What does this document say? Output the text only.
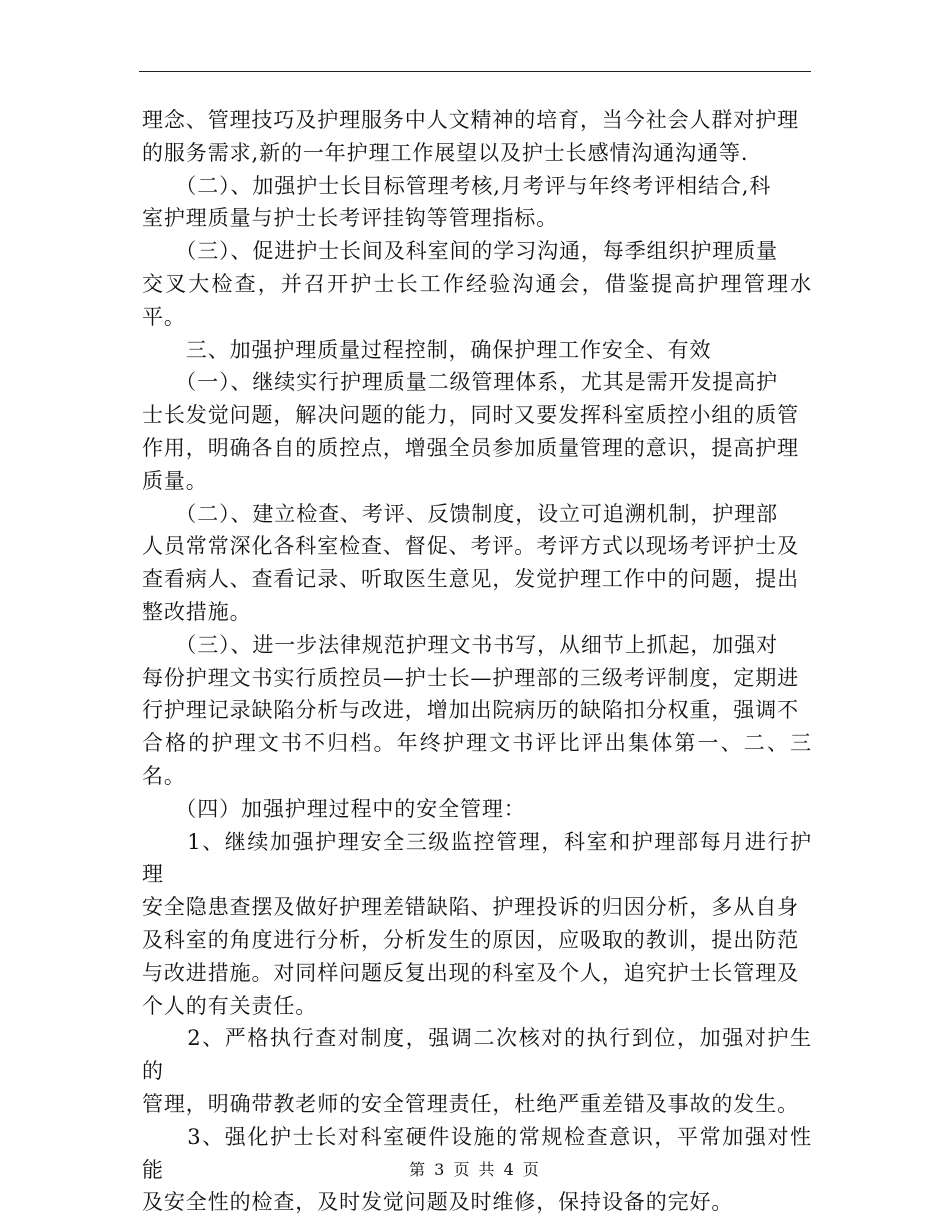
理念、管理技巧及护理服务中人文精神的培育，当今社会人群对护理
的服务需求,新的一年护理工作展望以及护士长感情沟通沟通等.

　　（二）、加强护士长目标管理考核,月考评与年终考评相结合,科
室护理质量与护士长考评挂钩等管理指标。

　　（三）、促进护士长间及科室间的学习沟通，每季组织护理质量
交叉大检查，并召开护士长工作经验沟通会，借鉴提高护理管理水平。

　　三、加强护理质量过程控制，确保护理工作安全、有效

　　（一）、继续实行护理质量二级管理体系，尤其是需开发提高护
士长发觉问题，解决问题的能力，同时又要发挥科室质控小组的质管
作用，明确各自的质控点，增强全员参加质量管理的意识，提高护理
质量。

　　（二）、建立检查、考评、反馈制度，设立可追溯机制，护理部
人员常常深化各科室检查、督促、考评。考评方式以现场考评护士及
查看病人、查看记录、听取医生意见，发觉护理工作中的问题，提出
整改措施。

　　（三）、进一步法律规范护理文书书写，从细节上抓起，加强对
每份护理文书实行质控员—护士长—护理部的三级考评制度，定期进
行护理记录缺陷分析与改进，增加出院病历的缺陷扣分权重，强调不
合格的护理文书不归档。年终护理文书评比评出集体第一、二、三名。

　　（四）加强护理过程中的安全管理：

　　1、继续加强护理安全三级监控管理，科室和护理部每月进行护理
安全隐患查摆及做好护理差错缺陷、护理投诉的归因分析，多从自身
及科室的角度进行分析，分析发生的原因，应吸取的教训，提出防范
与改进措施。对同样问题反复出现的科室及个人，追究护士长管理及
个人的有关责任。

　　2、严格执行查对制度，强调二次核对的执行到位，加强对护生的
管理，明确带教老师的安全管理责任，杜绝严重差错及事故的发生。

　　3、强化护士长对科室硬件设施的常规检查意识，平常加强对性能
及安全性的检查，及时发觉问题及时维修，保持设备的完好。

第 3 页 共 4 页
